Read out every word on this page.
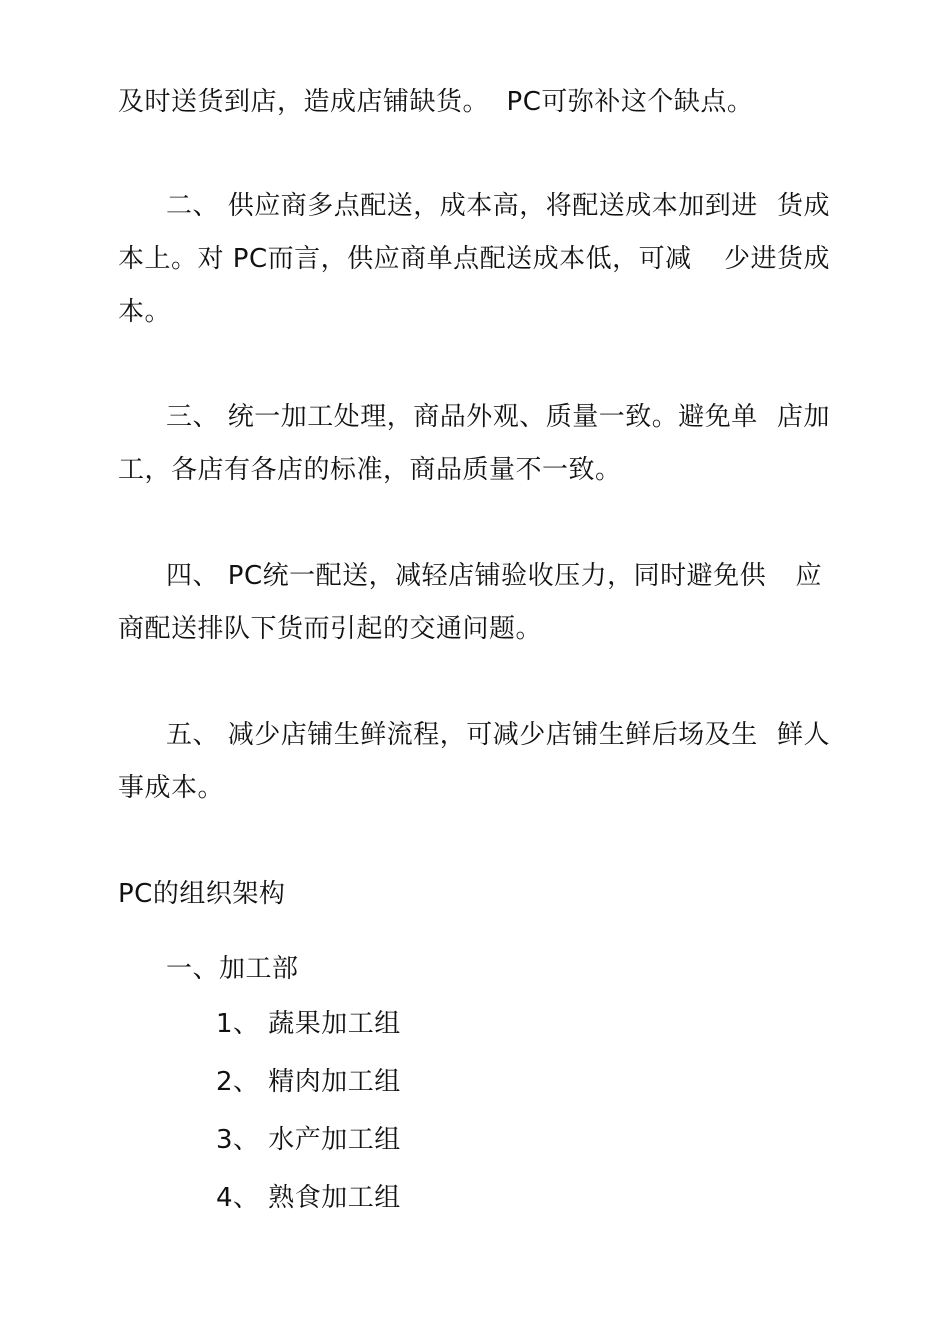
及时送货到店，造成店铺缺货。  PC可弥补这个缺点。
二、 供应商多点配送，成本高，将配送成本加到进 货成
本上。对 PC而言，供应商单点配送成本低，可减 少进货成
本。
三、 统一加工处理，商品外观、质量一致。避免单 店加
工，各店有各店的标准，商品质量不一致。
四、 PC统一配送，减轻店铺验收压力，同时避免供 应
商配送排队下货而引起的交通问题。
五、 减少店铺生鲜流程，可减少店铺生鲜后场及生 鲜人
事成本。
PC的组织架构
一、加工部
1、 蔬果加工组
2、 精肉加工组
3、 水产加工组
4、 熟食加工组
